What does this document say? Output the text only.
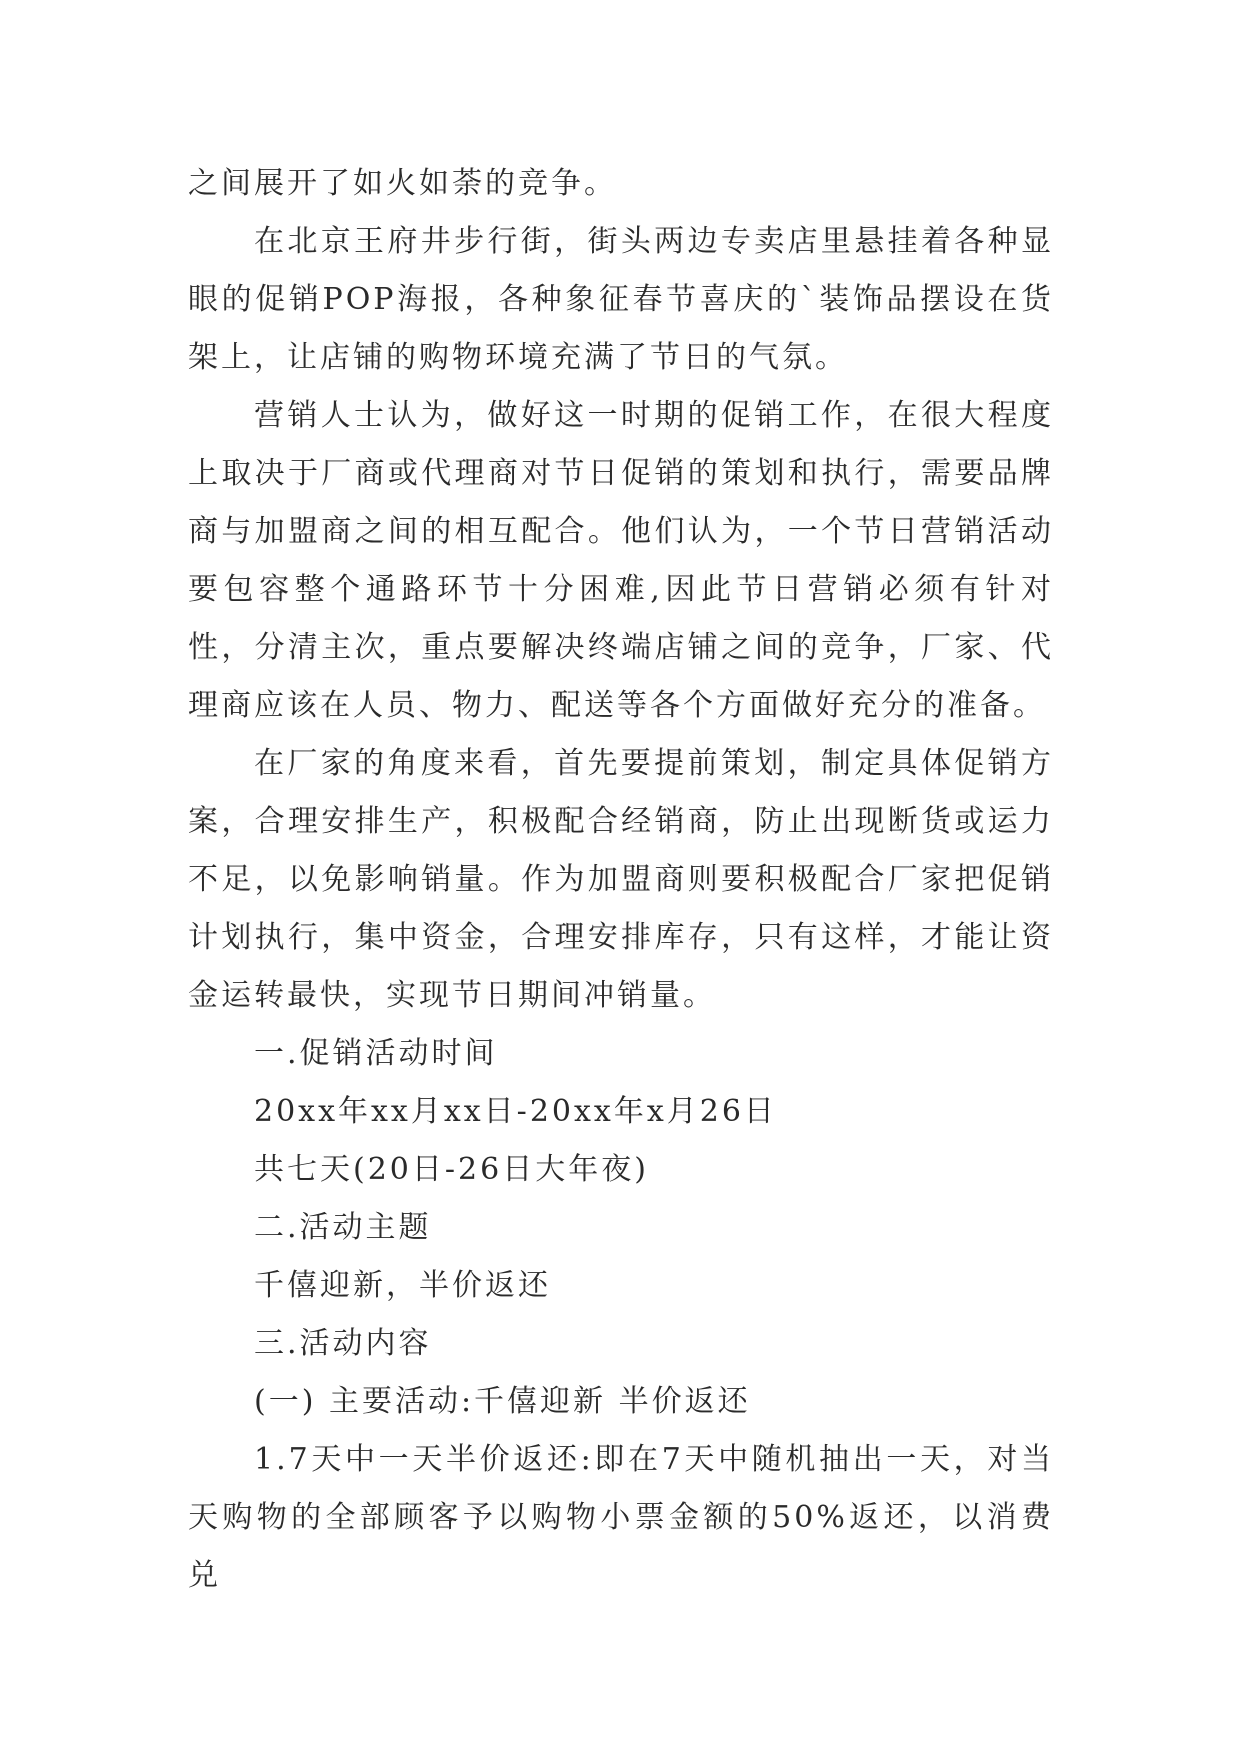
之间展开了如火如荼的竞争。

在北京王府井步行街，街头两边专卖店里悬挂着各种显眼的促销POP海报，各种象征春节喜庆的`装饰品摆设在货架上，让店铺的购物环境充满了节日的气氛。

营销人士认为，做好这一时期的促销工作，在很大程度上取决于厂商或代理商对节日促销的策划和执行，需要品牌商与加盟商之间的相互配合。他们认为，一个节日营销活动要包容整个通路环节十分困难,因此节日营销必须有针对性，分清主次，重点要解决终端店铺之间的竞争，厂家、代理商应该在人员、物力、配送等各个方面做好充分的准备。

在厂家的角度来看，首先要提前策划，制定具体促销方案，合理安排生产，积极配合经销商，防止出现断货或运力不足，以免影响销量。作为加盟商则要积极配合厂家把促销计划执行，集中资金，合理安排库存，只有这样，才能让资金运转最快，实现节日期间冲销量。

一.促销活动时间

20xx年xx月xx日-20xx年x月26日

共七天(20日-26日大年夜)

二.活动主题

千僖迎新，半价返还

三.活动内容

(一) 主要活动:千僖迎新 半价返还

1.7天中一天半价返还:即在7天中随机抽出一天，对当天购物的全部顾客予以购物小票金额的50%返还，以消费兑
